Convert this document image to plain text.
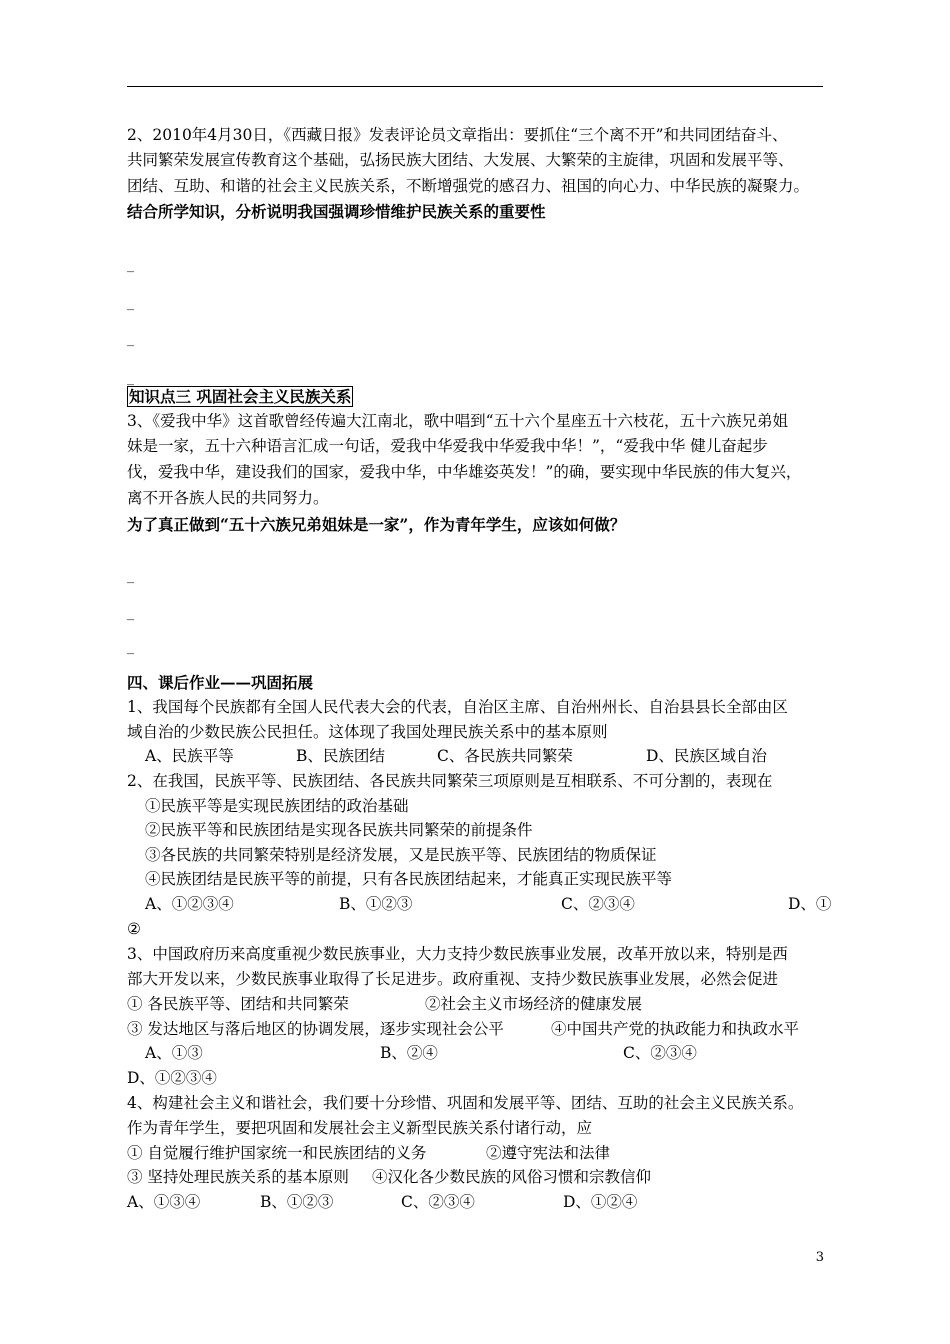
2、2010年4月30日，《西藏日报》发表评论员文章指出：要抓住“三个离不开”和共同团结奋斗、
共同繁荣发展宣传教育这个基础，弘扬民族大团结、大发展、大繁荣的主旋律，巩固和发展平等、
团结、互助、和谐的社会主义民族关系，不断增强党的感召力、祖国的向心力、中华民族的凝聚力。
结合所学知识，分析说明我国强调珍惜维护民族关系的重要性
_
_
_
_
知识点三 巩固社会主义民族关系
3、《爱我中华》这首歌曾经传遍大江南北，歌中唱到“五十六个星座五十六枝花，五十六族兄弟姐
妹是一家，五十六种语言汇成一句话，爱我中华爱我中华爱我中华！”，“爱我中华 健儿奋起步
伐，爱我中华，建设我们的国家，爱我中华，中华雄姿英发！”的确，要实现中华民族的伟大复兴，
离不开各族人民的共同努力。
为了真正做到“五十六族兄弟姐妹是一家”，作为青年学生，应该如何做？
_
_
_
四、课后作业——巩固拓展
1、我国每个民族都有全国人民代表大会的代表，自治区主席、自治州州长、自治县县长全部由区
域自治的少数民族公民担任。这体现了我国处理民族关系中的基本原则
A、民族平等	B、民族团结	C、各民族共同繁荣	D、民族区域自治
2、在我国，民族平等、民族团结、各民族共同繁荣三项原则是互相联系、不可分割的，表现在
①民族平等是实现民族团结的政治基础
②民族平等和民族团结是实现各民族共同繁荣的前提条件
③各民族的共同繁荣特别是经济发展，又是民族平等、民族团结的物质保证
④民族团结是民族平等的前提，只有各民族团结起来，才能真正实现民族平等
A、①②③④	B、①②③	C、②③④	D、①
②
3、中国政府历来高度重视少数民族事业，大力支持少数民族事业发展，改革开放以来，特别是西
部大开发以来，少数民族事业取得了长足进步。政府重视、支持少数民族事业发展，必然会促进
① 各民族平等、团结和共同繁荣	②社会主义市场经济的健康发展
③ 发达地区与落后地区的协调发展，逐步实现社会公平	④中国共产党的执政能力和执政水平
A、①③	B、②④	C、②③④
D、①②③④
4、构建社会主义和谐社会，我们要十分珍惜、巩固和发展平等、团结、互助的社会主义民族关系。
作为青年学生，要把巩固和发展社会主义新型民族关系付诸行动，应
① 自觉履行维护国家统一和民族团结的义务	②遵守宪法和法律
③ 坚持处理民族关系的基本原则 ④汉化各少数民族的风俗习惯和宗教信仰
A、①③④	B、①②③	C、②③④	D、①②④
3
